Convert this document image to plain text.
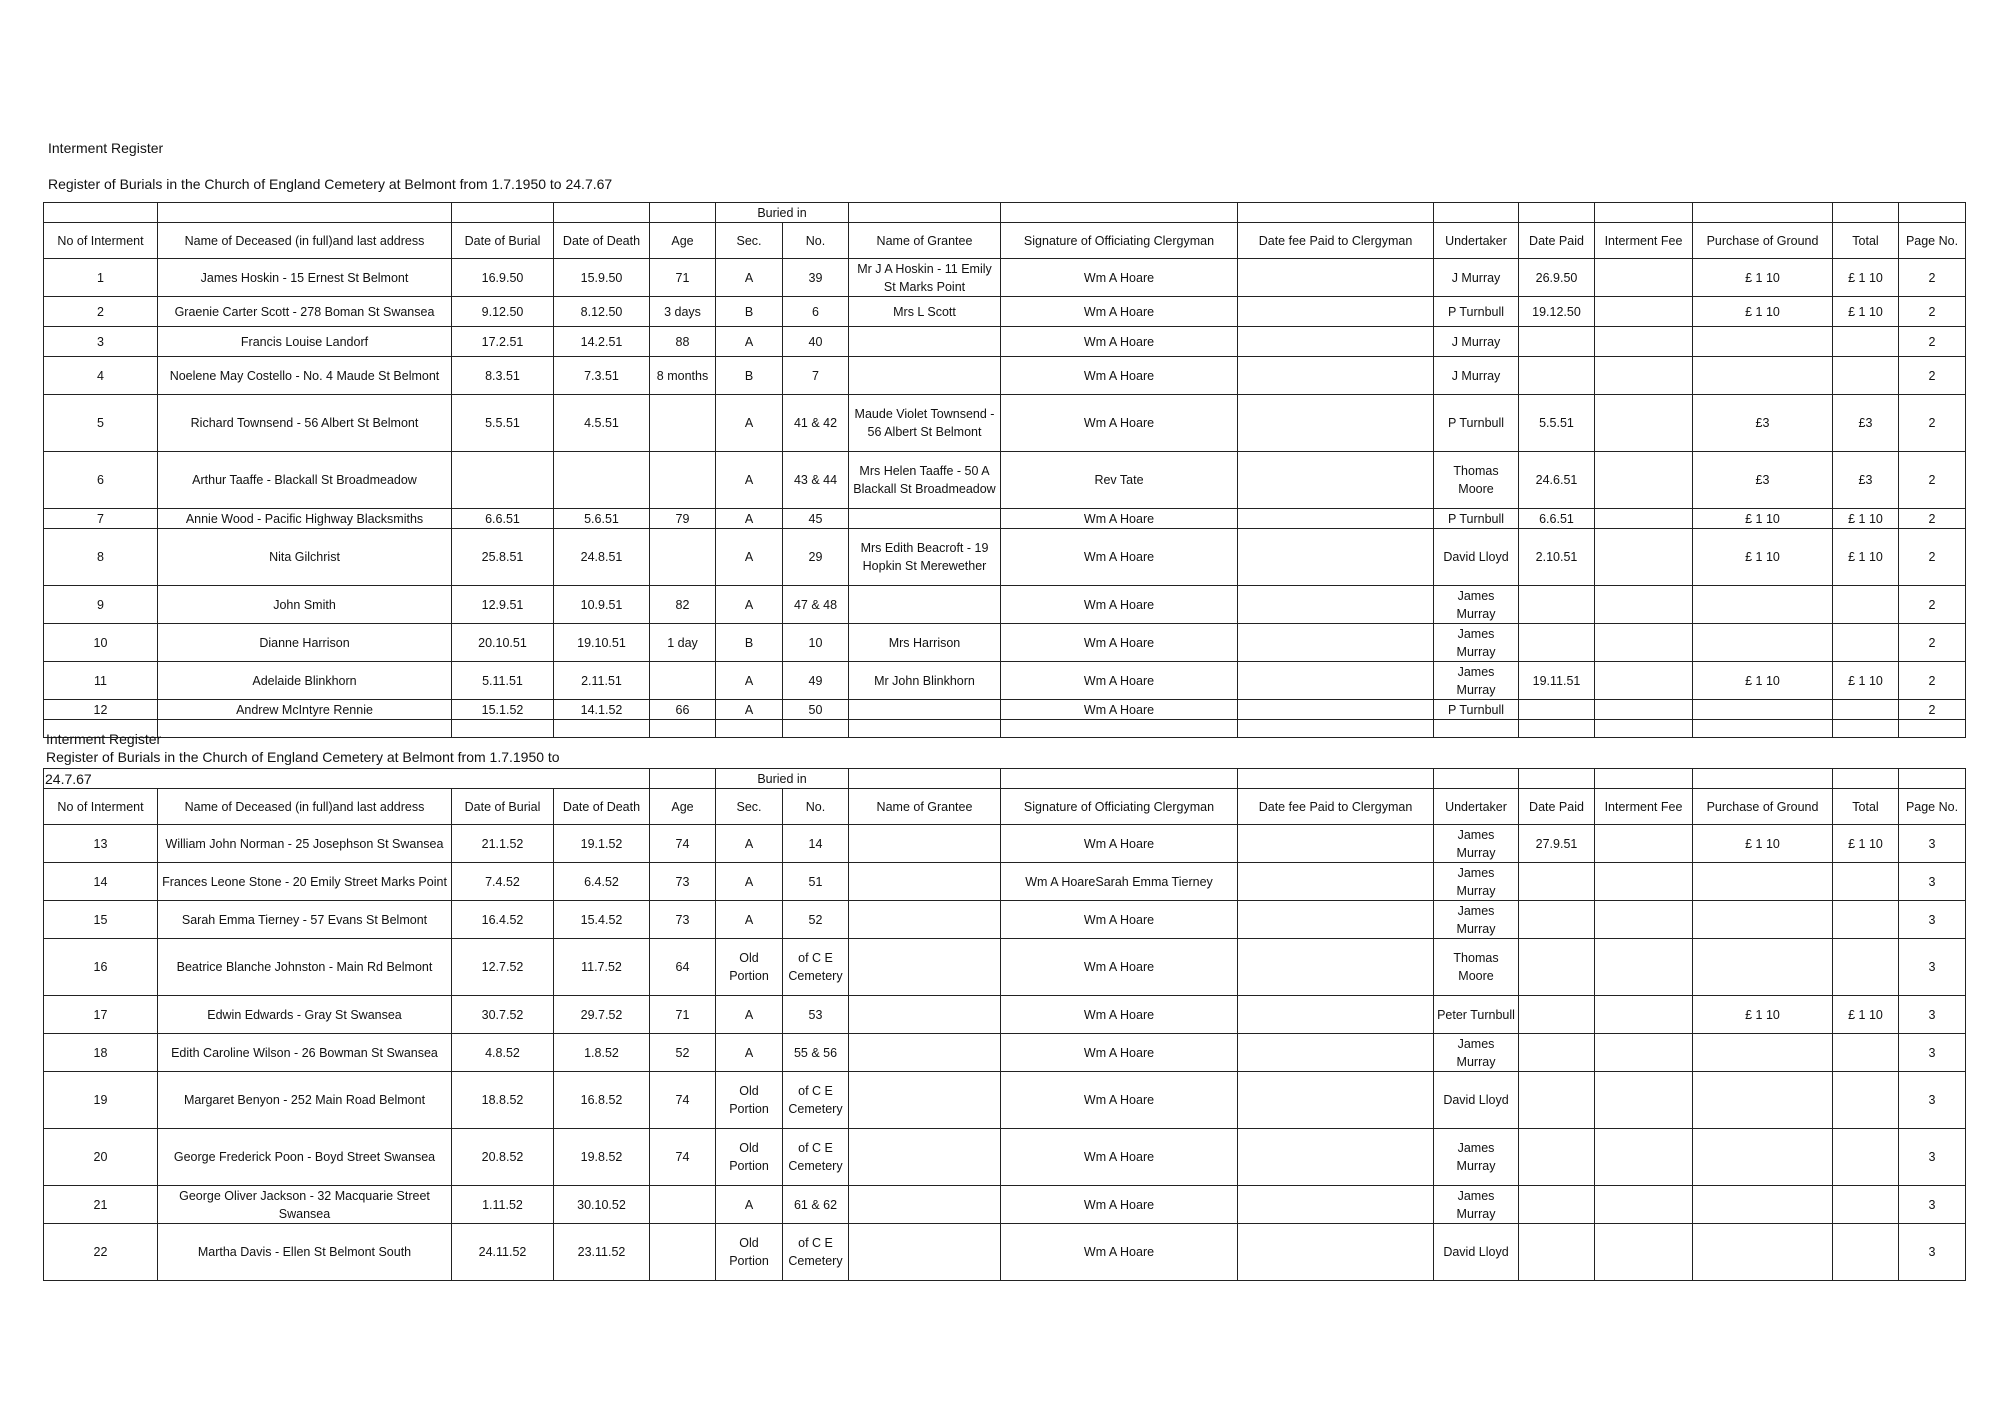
Interment Register
Register of Burials in the Church of England Cemetery at Belmont from 1.7.1950 to 24.7.67
					Buried in										
No of Interment	Name of Deceased (in full)and last address	Date of Burial	Date of Death	Age	Sec.	No.	Name of Grantee	Signature of Officiating Clergyman	Date fee Paid to Clergyman	Undertaker	Date Paid	Interment Fee	Purchase of Ground	Total	Page No.
1	James Hoskin - 15 Ernest St Belmont	16.9.50	15.9.50	71	A	39	Mr J A Hoskin - 11 Emily St Marks Point	Wm A Hoare		J Murray	26.9.50		£ 1 10	£ 1 10	2
2	Graenie Carter Scott - 278 Boman St Swansea	9.12.50	8.12.50	3 days	B	6	Mrs L Scott	Wm A Hoare		P Turnbull	19.12.50		£ 1 10	£ 1 10	2
3	Francis Louise Landorf	17.2.51	14.2.51	88	A	40		Wm A Hoare		J Murray					2
4	Noelene May Costello - No. 4 Maude St Belmont	8.3.51	7.3.51	8 months	B	7		Wm A Hoare		J Murray					2
5	Richard Townsend - 56 Albert St Belmont	5.5.51	4.5.51		A	41 & 42	Maude Violet Townsend - 56 Albert St Belmont	Wm A Hoare		P Turnbull	5.5.51		£3	£3	2
6	Arthur Taaffe - Blackall St Broadmeadow				A	43 & 44	Mrs Helen Taaffe - 50 A Blackall St Broadmeadow	Rev Tate		Thomas Moore	24.6.51		£3	£3	2
7	Annie Wood - Pacific Highway Blacksmiths	6.6.51	5.6.51	79	A	45		Wm A Hoare		P Turnbull	6.6.51		£ 1 10	£ 1 10	2
8	Nita Gilchrist	25.8.51	24.8.51		A	29	Mrs Edith Beacroft - 19 Hopkin St Merewether	Wm A Hoare		David Lloyd	2.10.51		£ 1 10	£ 1 10	2
9	John Smith	12.9.51	10.9.51	82	A	47 & 48		Wm A Hoare		James Murray					2
10	Dianne Harrison	20.10.51	19.10.51	1 day	B	10	Mrs Harrison	Wm A Hoare		James Murray					2
11	Adelaide Blinkhorn	5.11.51	2.11.51		A	49	Mr John Blinkhorn	Wm A Hoare		James Murray	19.11.51		£ 1 10	£ 1 10	2
12	Andrew McIntyre Rennie	15.1.52	14.1.52	66	A	50		Wm A Hoare		P Turnbull					2

Interment Register
Register of Burials in the Church of England Cemetery at Belmont from 1.7.1950 to
24.7.67					Buried in										
No of Interment	Name of Deceased (in full)and last address	Date of Burial	Date of Death	Age	Sec.	No.	Name of Grantee	Signature of Officiating Clergyman	Date fee Paid to Clergyman	Undertaker	Date Paid	Interment Fee	Purchase of Ground	Total	Page No.
13	William John Norman - 25 Josephson St Swansea	21.1.52	19.1.52	74	A	14		Wm A Hoare		James Murray	27.9.51		£ 1 10	£ 1 10	3
14	Frances Leone Stone - 20 Emily Street Marks Point	7.4.52	6.4.52	73	A	51		Wm A HoareSarah Emma Tierney		James Murray					3
15	Sarah Emma Tierney - 57 Evans St Belmont	16.4.52	15.4.52	73	A	52		Wm A Hoare		James Murray					3
16	Beatrice Blanche Johnston - Main Rd Belmont	12.7.52	11.7.52	64	Old Portion	of C E Cemetery		Wm A Hoare		Thomas Moore					3
17	Edwin Edwards - Gray St Swansea	30.7.52	29.7.52	71	A	53		Wm A Hoare		Peter Turnbull			£ 1 10	£ 1 10	3
18	Edith Caroline Wilson - 26 Bowman St Swansea	4.8.52	1.8.52	52	A	55 & 56		Wm A Hoare		James Murray					3
19	Margaret Benyon - 252 Main Road Belmont	18.8.52	16.8.52	74	Old Portion	of C E Cemetery		Wm A Hoare		David Lloyd					3
20	George Frederick Poon - Boyd Street Swansea	20.8.52	19.8.52	74	Old Portion	of C E Cemetery		Wm A Hoare		James Murray					3
21	George Oliver Jackson - 32 Macquarie Street Swansea	1.11.52	30.10.52		A	61 & 62		Wm A Hoare		James Murray					3
22	Martha Davis - Ellen St Belmont South	24.11.52	23.11.52		Old Portion	of C E Cemetery		Wm A Hoare		David Lloyd					3
